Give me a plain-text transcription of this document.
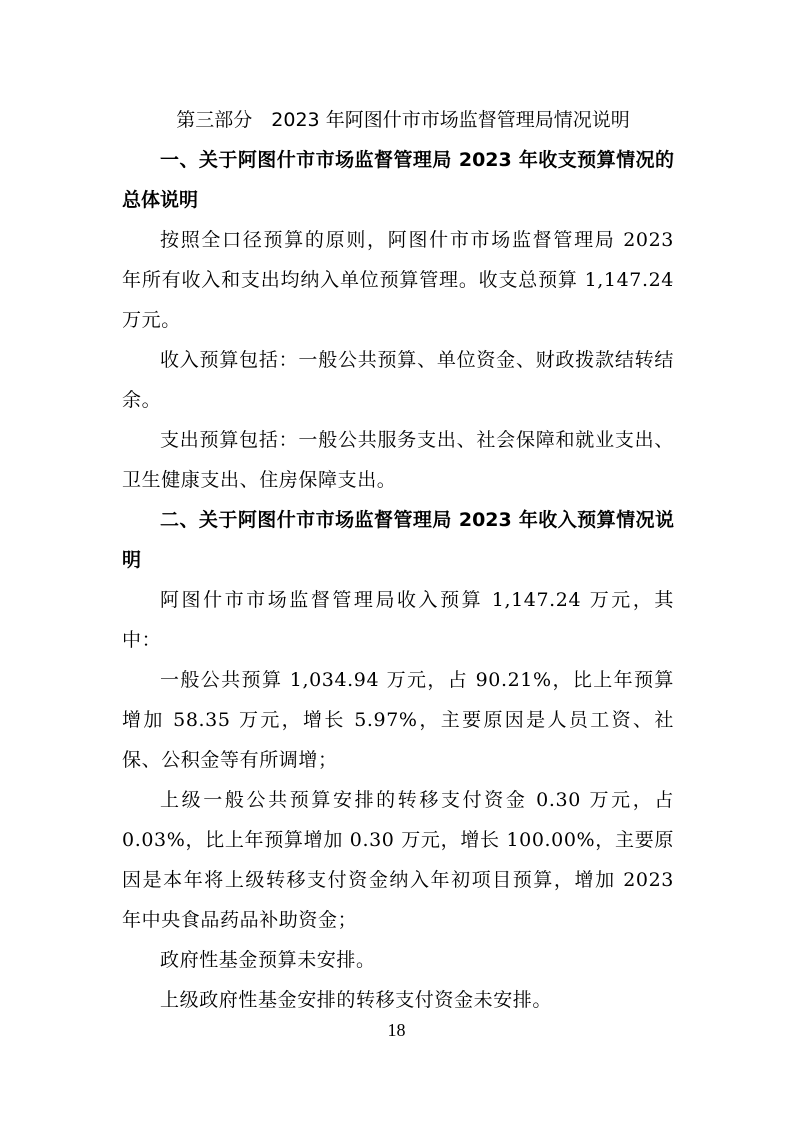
第三部分　2023 年阿图什市市场监督管理局情况说明

一、关于阿图什市市场监督管理局 2023 年收支预算情况的总体说明

按照全口径预算的原则，阿图什市市场监督管理局 2023 年所有收入和支出均纳入单位预算管理。收支总预算 1,147.24 万元。

收入预算包括：一般公共预算、单位资金、财政拨款结转结余。

支出预算包括：一般公共服务支出、社会保障和就业支出、卫生健康支出、住房保障支出。

二、关于阿图什市市场监督管理局 2023 年收入预算情况说明

阿图什市市场监督管理局收入预算 1,147.24 万元，其中：

一般公共预算 1,034.94 万元，占 90.21%，比上年预算增加 58.35 万元，增长 5.97%，主要原因是人员工资、社保、公积金等有所调增；

上级一般公共预算安排的转移支付资金 0.30 万元，占 0.03%，比上年预算增加 0.30 万元，增长 100.00%，主要原因是本年将上级转移支付资金纳入年初项目预算，增加 2023 年中央食品药品补助资金；

政府性基金预算未安排。

上级政府性基金安排的转移支付资金未安排。

18
